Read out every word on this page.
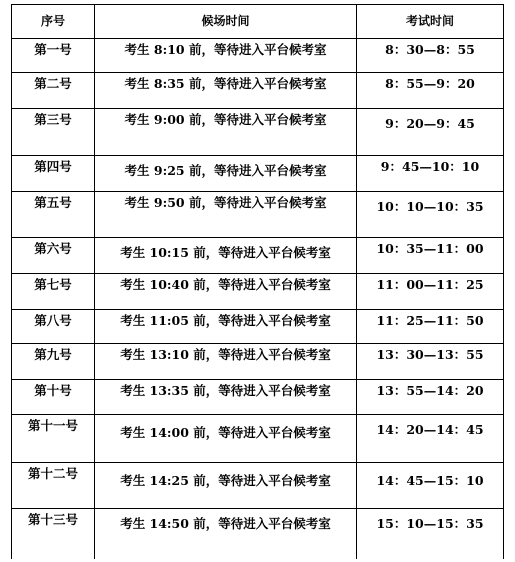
序号	候场时间	考试时间
第一号	考生 8:10 前，等待进入平台候考室	8：30—8：55
第二号	考生 8:35 前，等待进入平台候考室	8：55—9：20
第三号	考生 9:00 前，等待进入平台候考室	9：20—9：45
第四号	考生 9:25 前，等待进入平台候考室	9：45—10：10
第五号	考生 9:50 前，等待进入平台候考室	10：10—10：35
第六号	考生 10:15 前，等待进入平台候考室	10：35—11：00
第七号	考生 10:40 前，等待进入平台候考室	11：00—11：25
第八号	考生 11:05 前，等待进入平台候考室	11：25—11：50
第九号	考生 13:10 前，等待进入平台候考室	13：30—13：55
第十号	考生 13:35 前，等待进入平台候考室	13：55—14：20
第十一号	考生 14:00 前，等待进入平台候考室	14：20—14：45
第十二号	考生 14:25 前，等待进入平台候考室	14：45—15：10
第十三号	考生 14:50 前，等待进入平台候考室	15：10—15：35
